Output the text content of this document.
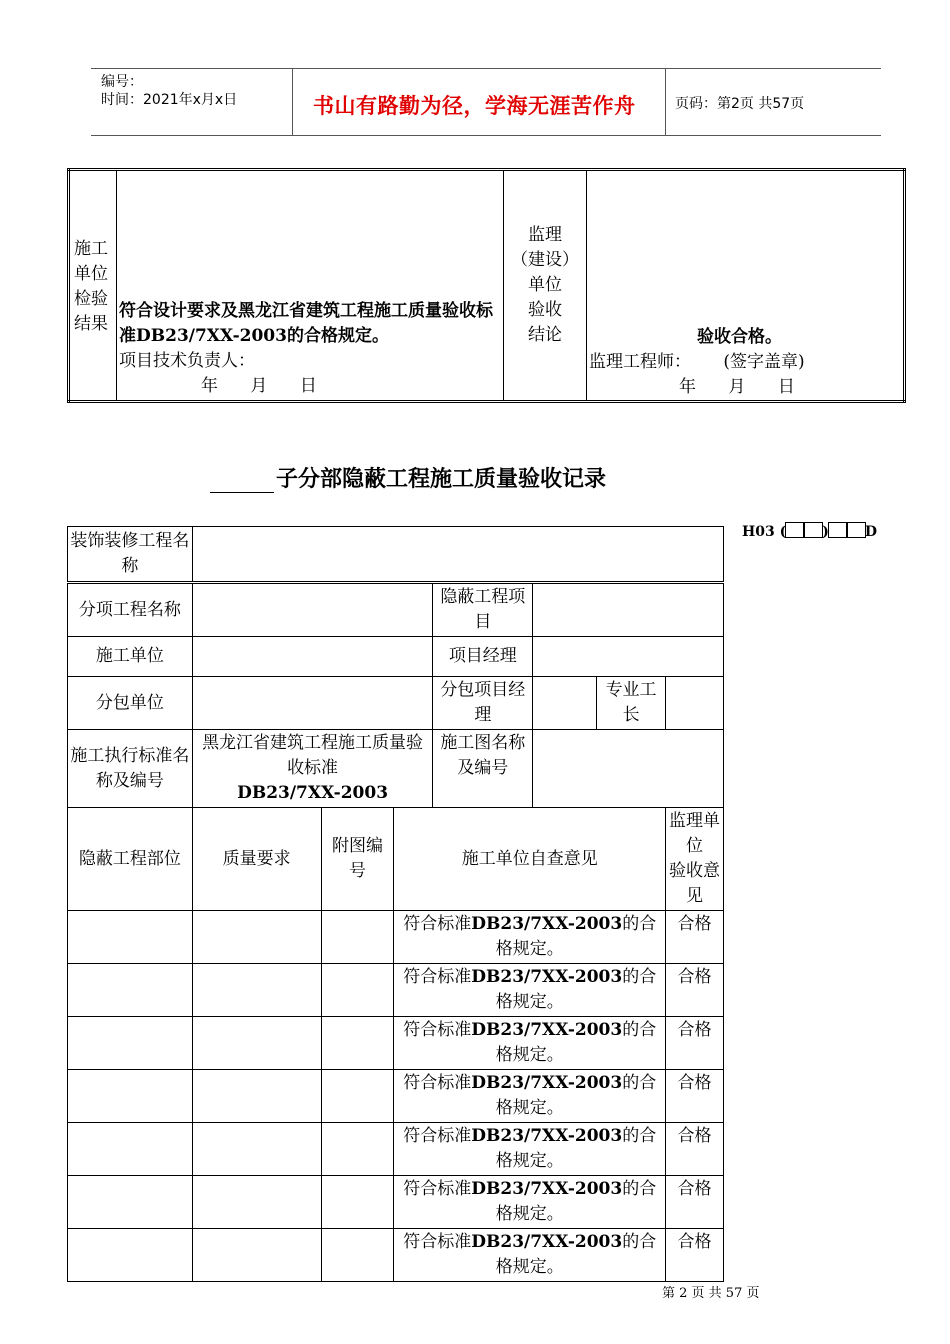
编号：
时间：2021年x月x日	书山有路勤为径，学海无涯苦作舟	页码：第2页 共57页
施工
单位
检验
结果

符合设计要求及黑龙江省建筑工程施工质量验收标准DB23/7XX-2003的合格规定。
项目技术负责人：
年      月      日

监理
（建设）
单位
验收
结论	验收合格。
监理工程师：      (签字盖章)
年      月      日
子分部隐蔽工程施工质量验收记录
H03 (	)	D
装饰装修工程名称							
分项工程名称				隐蔽工程项目			
施工单位				项目经理			
分包单位				分包项目经理		专业工长	
施工执行标准名称及编号	黑龙江省建筑工程施工质量验收标准
DB23/7XX-2003			施工图名称
及编号			

隐蔽工程部位	质量要求	附图编号	施工单位自查意见				监理单位
验收意见

			符合标准DB23/7XX-2003的合格规定。				合格
			符合标准DB23/7XX-2003的合格规定。				合格
			符合标准DB23/7XX-2003的合格规定。				合格
			符合标准DB23/7XX-2003的合格规定。				合格
			符合标准DB23/7XX-2003的合格规定。				合格
			符合标准DB23/7XX-2003的合格规定。				合格
			符合标准DB23/7XX-2003的合格规定。				合格
第 2 页 共 57 页
